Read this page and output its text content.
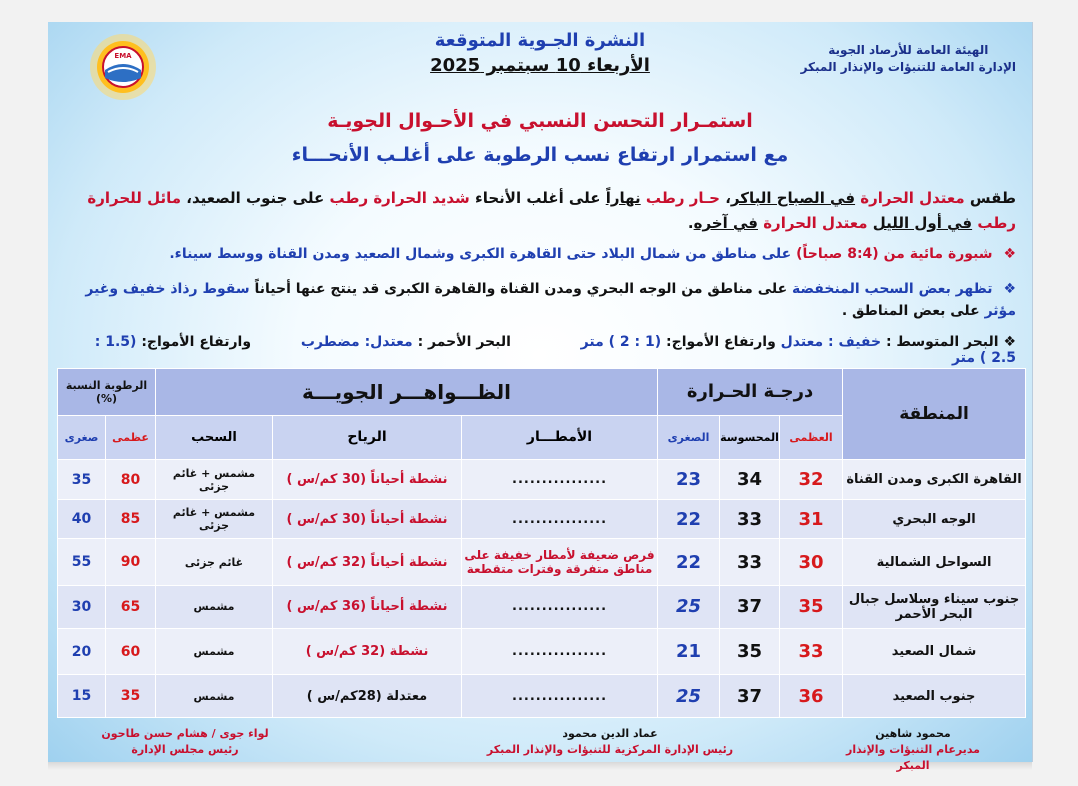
EMA	الهيئة العامة للأرصاد الجوية
الإدارة العامة للتنبؤات والإنذار المبكر
النشرة الجـوية المتوقعة
الأربعاء 10 سبتمبر 2025
استمـرار التحسن النسبي في الأحـوال الجويـة
مع استمرار ارتفاع نسب الرطوبة على أغلـب الأنحـــاء
طقس معتدل الحرارة في الصباح الباكر، حـار رطب نهاراً على أغلب الأنحاء شديد الحرارة رطب على جنوب الصعيد، مائل للحرارة رطب في أول الليل معتدل الحرارة في آخره.
❖ شبورة مائية من (8:4 صباحاً) على مناطق من شمال البلاد حتى القاهرة الكبرى وشمال الصعيد ومدن القناة ووسط سيناء.
❖ تظهر بعض السحب المنخفضة على مناطق من الوجه البحري ومدن القناة والقاهرة الكبرى قد ينتج عنها أحياناً سقوط رذاذ خفيف وغير مؤثر على بعض المناطق .
❖ البحر المتوسط : خفيف : معتدل وارتفاع الأمواج: (1 : 2 ) متر  البحر الأحمر : معتدل: مضطرب  وارتفاع الأمواج: (1.5 : 2.5 ) متر
المنطقة	درجـة الحـرارة			الظـــواهـــر الجويـــة			الرطوبة النسبة (%)	
	العظمى	المحسوسة	الصغرى	الأمطـــار	الرياح	السحب	عظمى	صغرى
القاهرة الكبرى ومدن القناة	32	34	23	................	نشطة أحياناً (30 كم/س )	مشمس + غائم جزئى	80	35
الوجه البحري	31	33	22	................	نشطة أحياناً (30 كم/س )	مشمس + غائم جزئى	85	40
السواحل الشمالية	30	33	22	فرص ضعيفة لأمطار خفيفة على مناطق متفرقة وفترات متقطعة	نشطة أحياناً (32 كم/س )	غائم جزئى	90	55
جنوب سيناء وسلاسل جبال البحر الأحمر	35	37	25	................	نشطة أحياناً (36 كم/س )	مشمس	65	30
شمال الصعيد	33	35	21	................	نشطة (32 كم/س )	مشمس	60	20
جنوب الصعيد	36	37	25	................	معتدلة (28كم/س )	مشمس	35	15
محمود شاهين
مديرعام التنبؤات والإنذار المبكر
عماد الدين محمود
رئيس الإدارة المركزية للتنبؤات والإنذار المبكر
لواء جوى / هشام حسن طاحون
رئيس مجلس الإدارة
